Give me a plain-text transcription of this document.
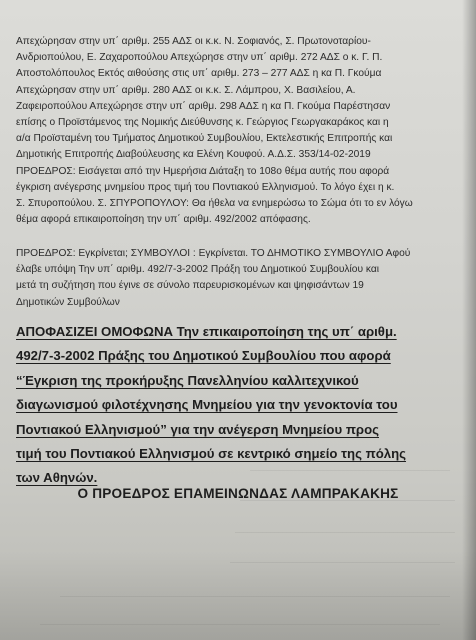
Απεχώρησαν στην υπ΄ αριθμ. 255 ΑΔΣ οι κ.κ. Ν. Σοφιανός, Σ. Πρωτονοταρίου-
Ανδριοπούλου, Ε. Ζαχαροπούλου Απεχώρησε στην υπ΄ αριθμ. 272 ΑΔΣ ο κ. Γ. Π.
Αποστολόπουλος Εκτός αιθούσης στις υπ΄ αριθμ. 273 – 277 ΑΔΣ η κα Π. Γκούμα
Απεχώρησαν στην υπ΄ αριθμ. 280 ΑΔΣ οι κ.κ. Σ. Λάμπρου, Χ. Βασιλείου, Α.
Ζαφειροπούλου Απεχώρησε στην υπ΄ αριθμ. 298 ΑΔΣ η κα Π. Γκούμα Παρέστησαν
επίσης ο Προϊστάμενος της Νομικής Διεύθυνσης κ. Γεώργιος Γεωργακαράκος και η
α/α Προϊσταμένη του Τμήματος Δημοτικού Συμβουλίου, Εκτελεστικής Επιτροπής και
Δημοτικής Επιτροπής Διαβούλευσης κα Ελένη Κουφού. Α.Δ.Σ. 353/14-02-2019
ΠΡΟΕΔΡΟΣ: Εισάγεται από την Ημερήσια Διάταξη το 108ο θέμα αυτής που αφορά
έγκριση ανέγερσης μνημείου προς τιμή του Ποντιακού Ελληνισμού. Το λόγο έχει η κ.
Σ. Σπυροπούλου. Σ. ΣΠΥΡΟΠΟΥΛΟΥ: Θα ήθελα να ενημερώσω το Σώμα ότι το εν λόγω
θέμα αφορά επικαιροποίηση την υπ΄ αριθμ. 492/2002 απόφασης.
ΠΡΟΕΔΡΟΣ: Εγκρίνεται; ΣΥΜΒΟΥΛΟΙ : Εγκρίνεται. ΤΟ ΔΗΜΟΤΙΚΟ ΣΥΜΒΟΥΛΙΟ Αφού
έλαβε υπόψη Την υπ΄ αριθμ. 492/7-3-2002 Πράξη του Δημοτικού Συμβουλίου και
μετά τη συζήτηση που έγινε σε σύνολο παρευρισκομένων και ψηφισάντων 19
Δημοτικών Συμβούλων
ΑΠΟΦΑΣΙΖΕΙ ΟΜΟΦΩΝΑ Την επικαιροποίηση της υπ΄ αριθμ.
492/7-3-2002 Πράξης του Δημοτικού Συμβουλίου που αφορά
“Έγκριση της προκήρυξης Πανελληνίου καλλιτεχνικού
διαγωνισμού φιλοτέχνησης Μνημείου για την γενοκτονία του
Ποντιακού Ελληνισμού” για την ανέγερση Μνημείου προς
τιμή του Ποντιακού Ελληνισμού σε κεντρικό σημείο της πόλης
των Αθηνών.
Ο ΠΡΟΕΔΡΟΣ ΕΠΑΜΕΙΝΩΝΔΑΣ ΛΑΜΠΡΑΚΑΚΗΣ
